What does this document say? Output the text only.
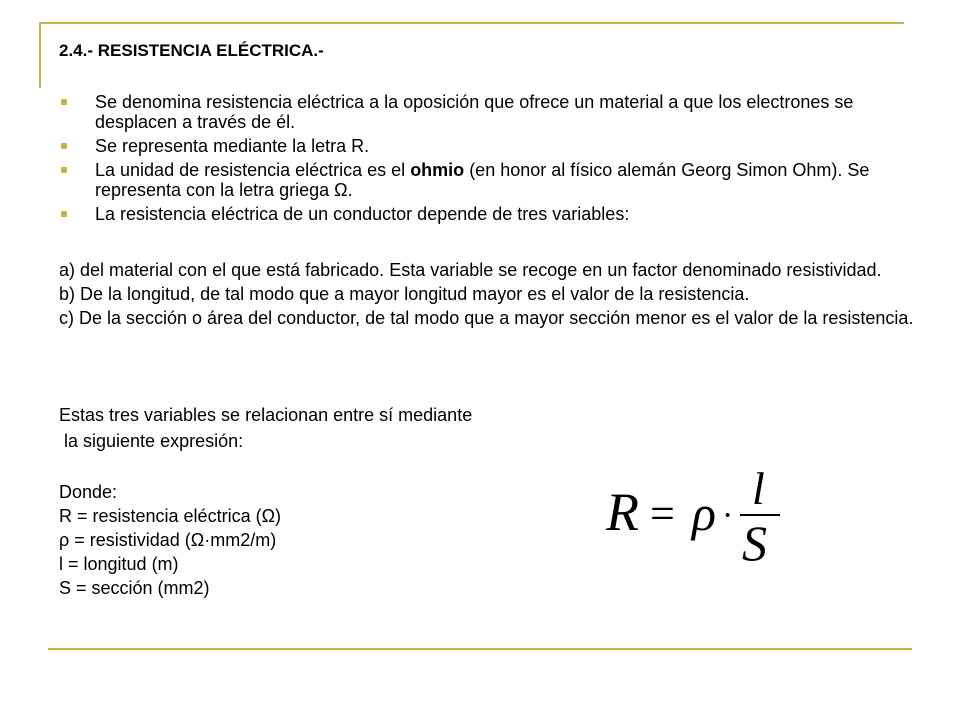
2.4.- RESISTENCIA ELÉCTRICA.-
Se denomina resistencia eléctrica a la oposición que ofrece un material a que los electrones se desplacen a través de él.
Se representa mediante la letra R.
La unidad de resistencia eléctrica es el ohmio (en honor al físico alemán Georg Simon Ohm). Se representa con la letra griega Ω.
La resistencia eléctrica de un conductor depende de tres variables:

a) del material con el que está fabricado. Esta variable se recoge en un factor denominado resistividad.

b) De la longitud, de tal modo que a mayor longitud mayor es el valor de la resistencia.

c) De la sección o área del conductor, de tal modo que a mayor sección menor es el valor de la resistencia.

Estas tres variables se relacionan entre sí mediante
la siguiente expresión:
Donde:
R = resistencia eléctrica (Ω)
ρ = resistividad (Ω·mm2/m)
l = longitud (m)
S = sección (mm2)
R = ρ ·
l
S
